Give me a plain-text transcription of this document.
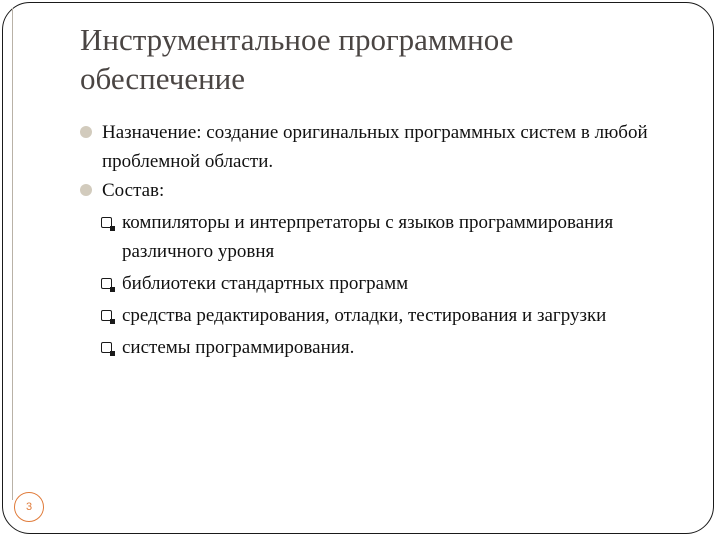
Инструментальное программное обеспечение

Назначение: создание оригинальных программных систем в любой проблемной области.

Состав:

компиляторы и интерпретаторы с языков программирования различного уровня

библиотеки стандартных программ

средства редактирования, отладки, тестирования и загрузки

системы программирования.

3
